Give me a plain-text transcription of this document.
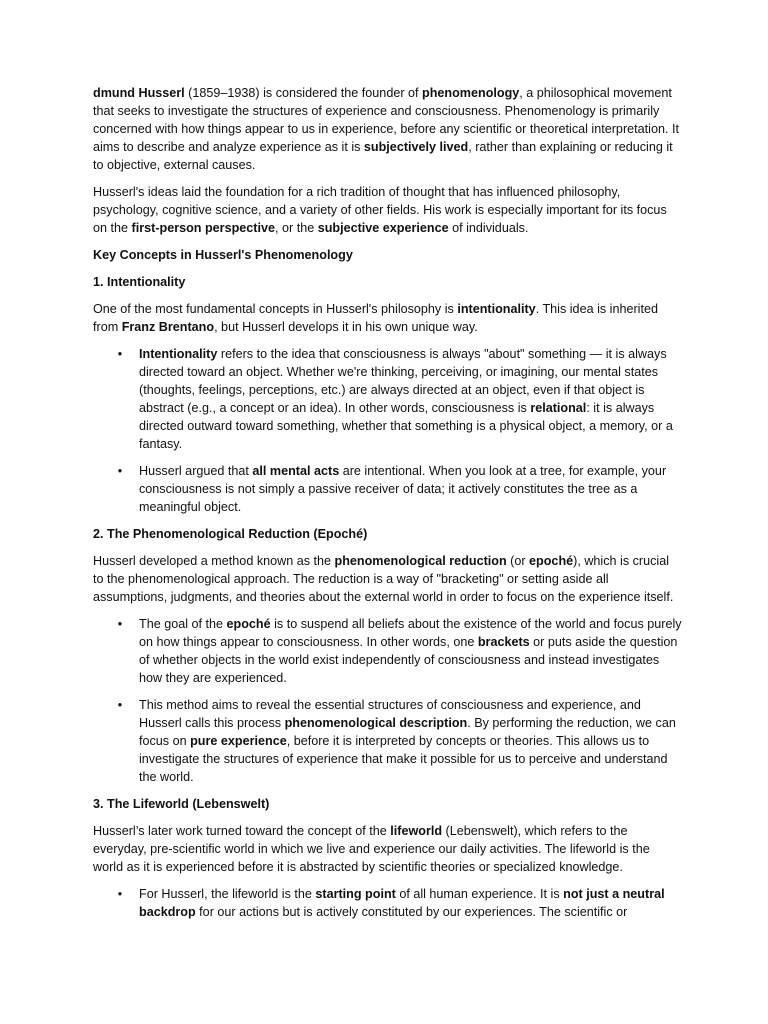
dmund Husserl (1859–1938) is considered the founder of phenomenology, a philosophical movement that seeks to investigate the structures of experience and consciousness. Phenomenology is primarily concerned with how things appear to us in experience, before any scientific or theoretical interpretation. It aims to describe and analyze experience as it is subjectively lived, rather than explaining or reducing it to objective, external causes.

Husserl's ideas laid the foundation for a rich tradition of thought that has influenced philosophy, psychology, cognitive science, and a variety of other fields. His work is especially important for its focus on the first-person perspective, or the subjective experience of individuals.

Key Concepts in Husserl's Phenomenology
1. Intentionality

One of the most fundamental concepts in Husserl's philosophy is intentionality. This idea is inherited from Franz Brentano, but Husserl develops it in his own unique way.

• Intentionality refers to the idea that consciousness is always "about" something — it is always directed toward an object. Whether we're thinking, perceiving, or imagining, our mental states (thoughts, feelings, perceptions, etc.) are always directed at an object, even if that object is abstract (e.g., a concept or an idea). In other words, consciousness is relational: it is always directed outward toward something, whether that something is a physical object, a memory, or a fantasy.
• Husserl argued that all mental acts are intentional. When you look at a tree, for example, your consciousness is not simply a passive receiver of data; it actively constitutes the tree as a meaningful object.
2. The Phenomenological Reduction (Epoché)

Husserl developed a method known as the phenomenological reduction (or epoché), which is crucial to the phenomenological approach. The reduction is a way of "bracketing" or setting aside all assumptions, judgments, and theories about the external world in order to focus on the experience itself.

• The goal of the epoché is to suspend all beliefs about the existence of the world and focus purely on how things appear to consciousness. In other words, one brackets or puts aside the question of whether objects in the world exist independently of consciousness and instead investigates how they are experienced.
• This method aims to reveal the essential structures of consciousness and experience, and Husserl calls this process phenomenological description. By performing the reduction, we can focus on pure experience, before it is interpreted by concepts or theories. This allows us to investigate the structures of experience that make it possible for us to perceive and understand the world.
3. The Lifeworld (Lebenswelt)

Husserl’s later work turned toward the concept of the lifeworld (Lebenswelt), which refers to the everyday, pre-scientific world in which we live and experience our daily activities. The lifeworld is the world as it is experienced before it is abstracted by scientific theories or specialized knowledge.

• For Husserl, the lifeworld is the starting point of all human experience. It is not just a neutral backdrop for our actions but is actively constituted by our experiences. The scientific or
